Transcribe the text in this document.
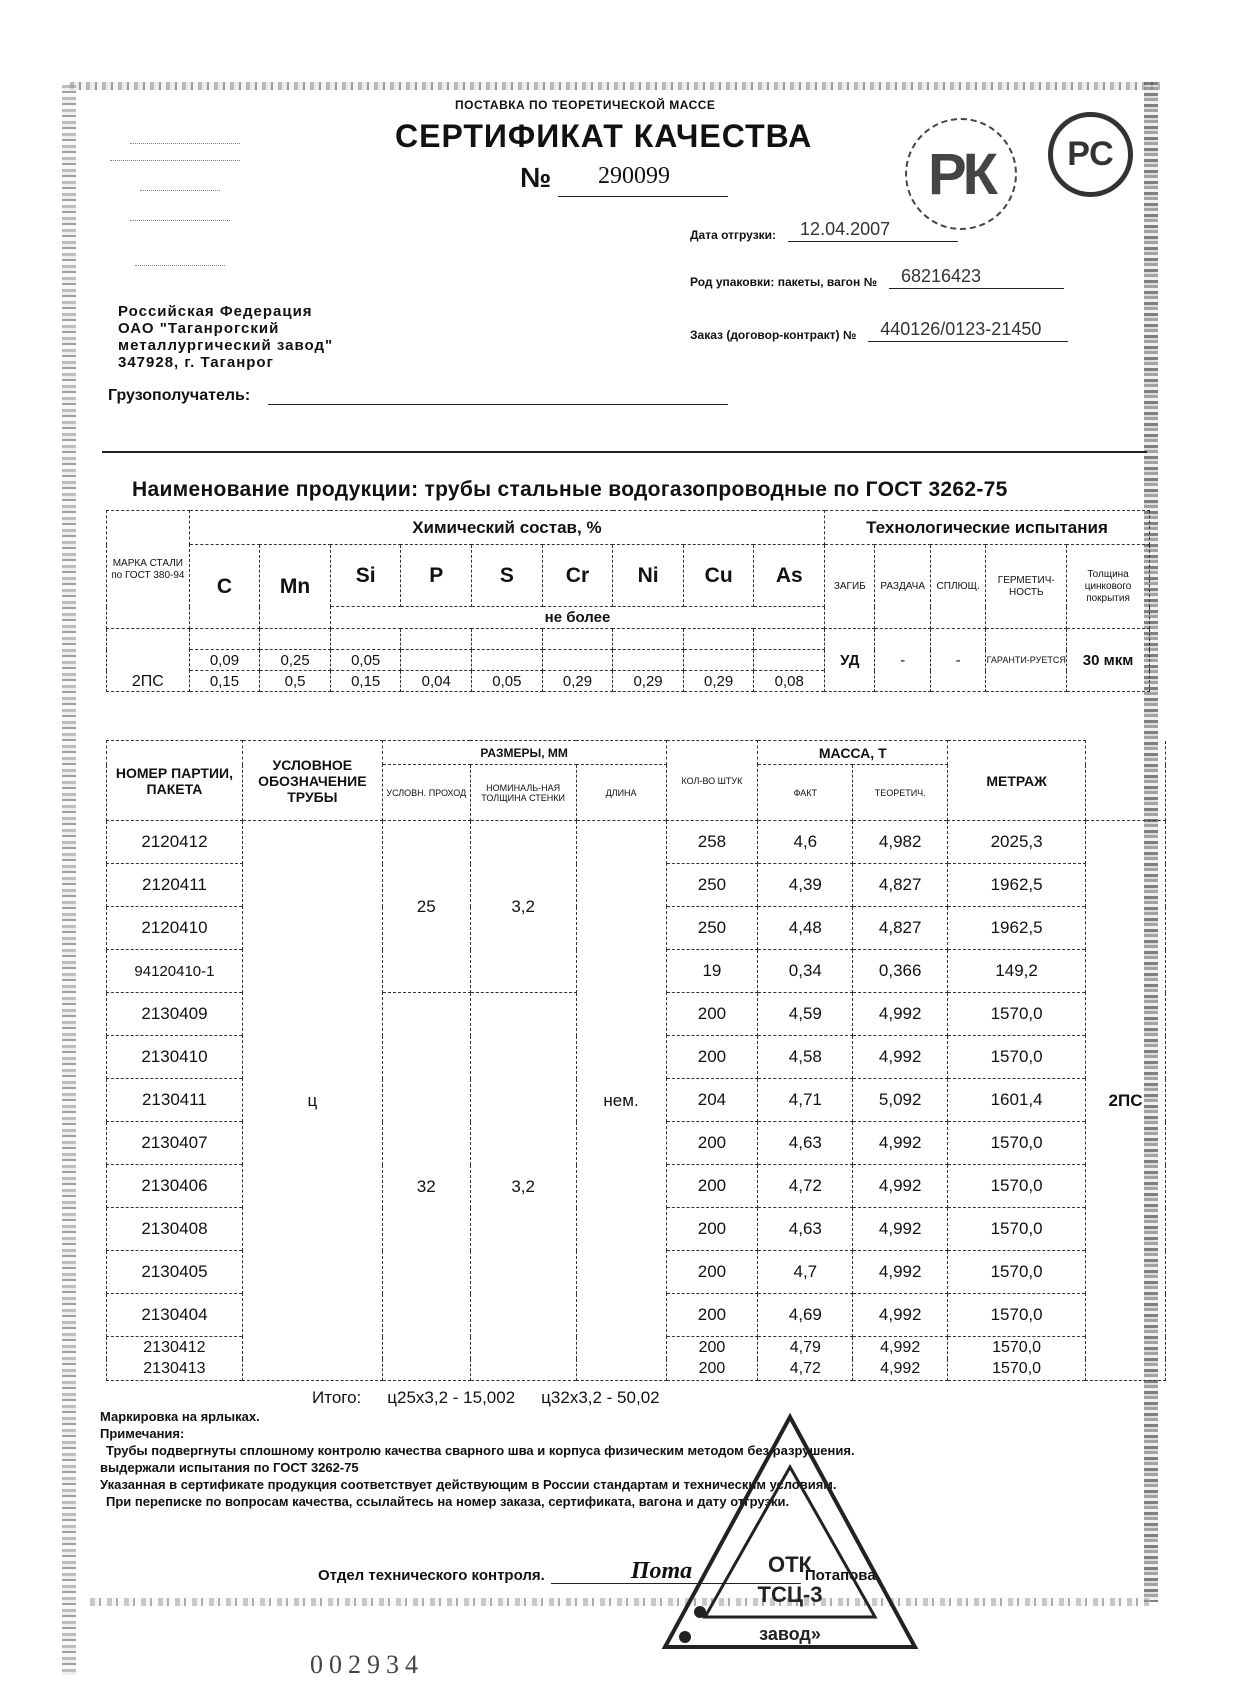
ПОСТАВКА ПО ТЕОРЕТИЧЕСКОЙ МАССЕ
СЕРТИФИКАТ КАЧЕСТВА
№	290099	РК	РС
Дата отгрузки:	12.04.2007
Род упаковки: пакеты, вагон №	68216423
Заказ (договор-контракт) №	440126/0123-21450
Российская Федерация
ОАО "Таганрогский
металлургический завод"
347928, г. Таганрог
Грузополучатель:
Наименование продукции: трубы стальные водогазопроводные по ГОСТ 3262-75
МАРКА СТАЛИ по ГОСТ 380-94	Химический состав, %									Технологические испытания				
	C	Mn	Si	P	S	Cr	Ni	Cu	As	ЗАГИБ	РАЗДАЧА	СПЛЮЩ.	ГЕРМЕТИЧ-НОСТЬ	Толщина цинкового покрытия
			не более											
2ПС										УД	-	-	ГАРАНТИ-РУЕТСЯ	30 мкм
	0,09	0,25	0,05											
	0,15	0,5	0,15	0,04	0,05	0,29	0,29	0,29	0,08					
НОМЕР ПАРТИИ, ПАКЕТА	УСЛОВНОЕ ОБОЗНАЧЕНИЕ ТРУБЫ	РАЗМЕРЫ, ММ			КОЛ-ВО ШТУК	МАССА, Т		МЕТРАЖ	
		УСЛОВН. ПРОХОД	НОМИНАЛЬ-НАЯ ТОЛЩИНА СТЕНКИ	ДЛИНА		ФАКТ	ТЕОРЕТИЧ.		
2120412	ц	25	3,2	нем.	258	4,6	4,982	2025,3	2ПС
2120411					250	4,39	4,827	1962,5	
2120410					250	4,48	4,827	1962,5	
94120410-1					19	0,34	0,366	149,2	
2130409		32	3,2		200	4,59	4,992	1570,0	
2130410					200	4,58	4,992	1570,0	
2130411					204	4,71	5,092	1601,4	
2130407					200	4,63	4,992	1570,0	
2130406					200	4,72	4,992	1570,0	
2130408					200	4,63	4,992	1570,0	
2130405					200	4,7	4,992	1570,0	
2130404					200	4,69	4,992	1570,0	
2130412					200	4,79	4,992	1570,0	
2130413					200	4,72	4,992	1570,0	
Итого: ц25х3,2 - 15,002 ц32х3,2 - 50,02
Маркировка на ярлыках.
Примечания:
Трубы подвергнуты сплошному контролю качества сварного шва и корпуса физическим методом без разрушения.
выдержали испытания по ГОСТ 3262-75
Указанная в сертификате продукция соответствует действующим в России стандартам и техническим условиям.
При переписке по вопросам качества, ссылайтесь на номер заказа, сертификата, вагона и дату отгрузки.
Отдел технического контроля.	Пота	Потапова
ОТК
ТСЦ-3
завод»
002934
